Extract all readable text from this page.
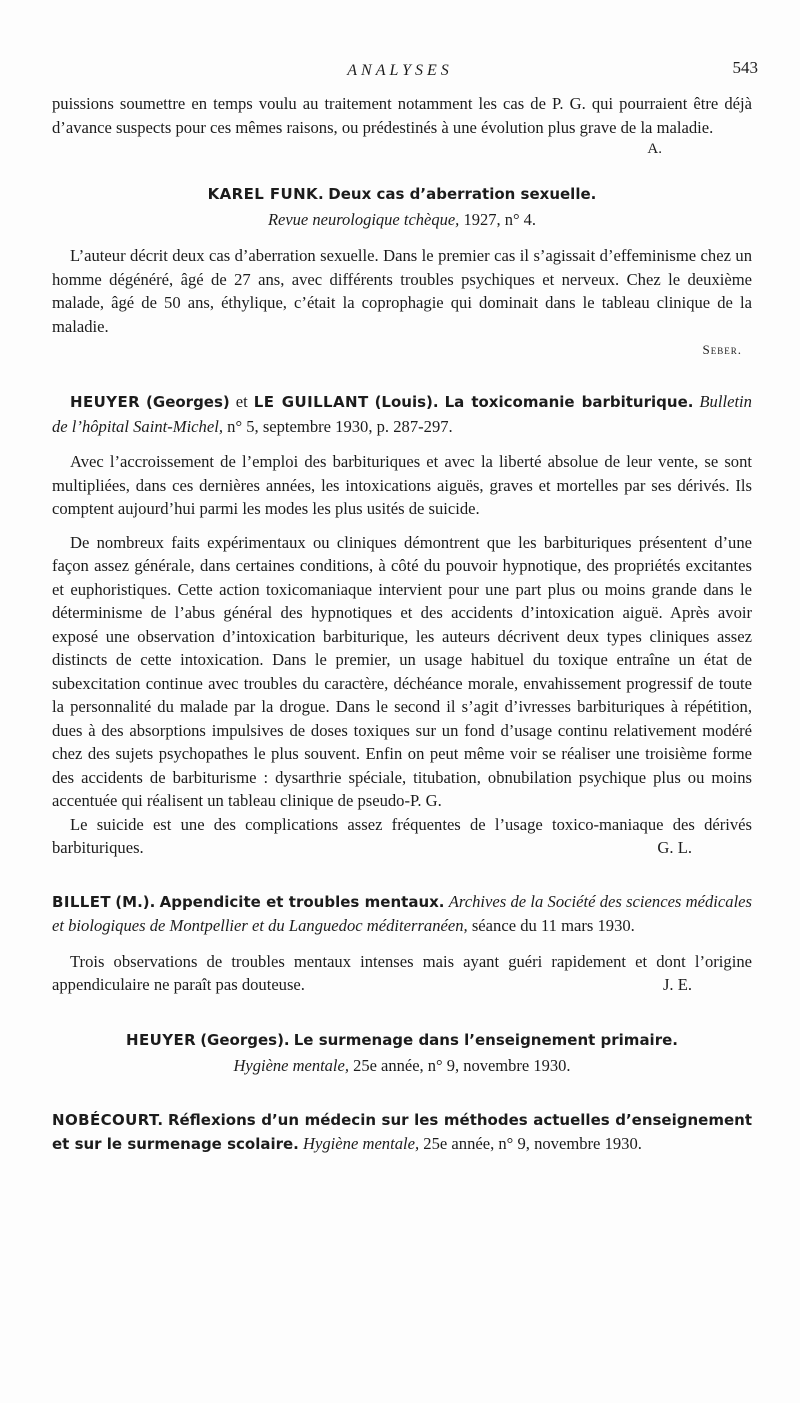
ANALYSES	543

puissions soumettre en temps voulu au traitement notamment les cas de P. G. qui pourraient être déjà d’avance suspects pour ces mêmes raisons, ou prédestinés à une évolution plus grave de la maladie.

A.
KAREL FUNK. Deux cas d’aberration sexuelle.
Revue neurologique tchèque, 1927, n° 4.

L’auteur décrit deux cas d’aberration sexuelle. Dans le premier cas il s’agissait d’effeminisme chez un homme dégénéré, âgé de 27 ans, avec différents troubles psychiques et nerveux. Chez le deuxième malade, âgé de 50 ans, éthylique, c’était la coprophagie qui dominait dans le tableau clinique de la maladie.

Seber.
HEUYER (Georges) et LE GUILLANT (Louis). La toxicomanie barbiturique. Bulletin de l’hôpital Saint-Michel, n° 5, septembre 1930, p. 287-297.

Avec l’accroissement de l’emploi des barbituriques et avec la liberté absolue de leur vente, se sont multipliées, dans ces dernières années, les intoxications aiguës, graves et mortelles par ses dérivés. Ils comptent aujourd’hui parmi les modes les plus usités de suicide.

De nombreux faits expérimentaux ou cliniques démontrent que les barbituriques présentent d’une façon assez générale, dans certaines conditions, à côté du pouvoir hypnotique, des propriétés excitantes et euphoristiques. Cette action toxicomaniaque intervient pour une part plus ou moins grande dans le déterminisme de l’abus général des hypnotiques et des accidents d’intoxication aiguë. Après avoir exposé une observation d’intoxication barbiturique, les auteurs décrivent deux types cliniques assez distincts de cette intoxication. Dans le premier, un usage habituel du toxique entraîne un état de subexcitation continue avec troubles du caractère, déchéance morale, envahissement progressif de toute la personnalité du malade par la drogue. Dans le second il s’agit d’ivresses barbituriques à répétition, dues à des absorptions impulsives de doses toxiques sur un fond d’usage continu relativement modéré chez des sujets psychopathes le plus souvent. Enfin on peut même voir se réaliser une troisième forme des accidents de barbiturisme : dysarthrie spéciale, titubation, obnubilation psychique plus ou moins accentuée qui réalisent un tableau clinique de pseudo-P. G.

Le suicide est une des complications assez fréquentes de l’usage toxico-maniaque des dérivés barbituriques.	G. L.

BILLET (M.). Appendicite et troubles mentaux. Archives de la Société des sciences médicales et biologiques de Montpellier et du Languedoc méditerranéen, séance du 11 mars 1930.

Trois observations de troubles mentaux intenses mais ayant guéri rapidement et dont l’origine appendiculaire ne paraît pas douteuse.	J. E.

HEUYER (Georges). Le surmenage dans l’enseignement primaire.
Hygiène mentale, 25e année, n° 9, novembre 1930.
NOBÉCOURT. Réflexions d’un médecin sur les méthodes actuelles d’enseignement et sur le surmenage scolaire. Hygiène mentale, 25e année, n° 9, novembre 1930.
